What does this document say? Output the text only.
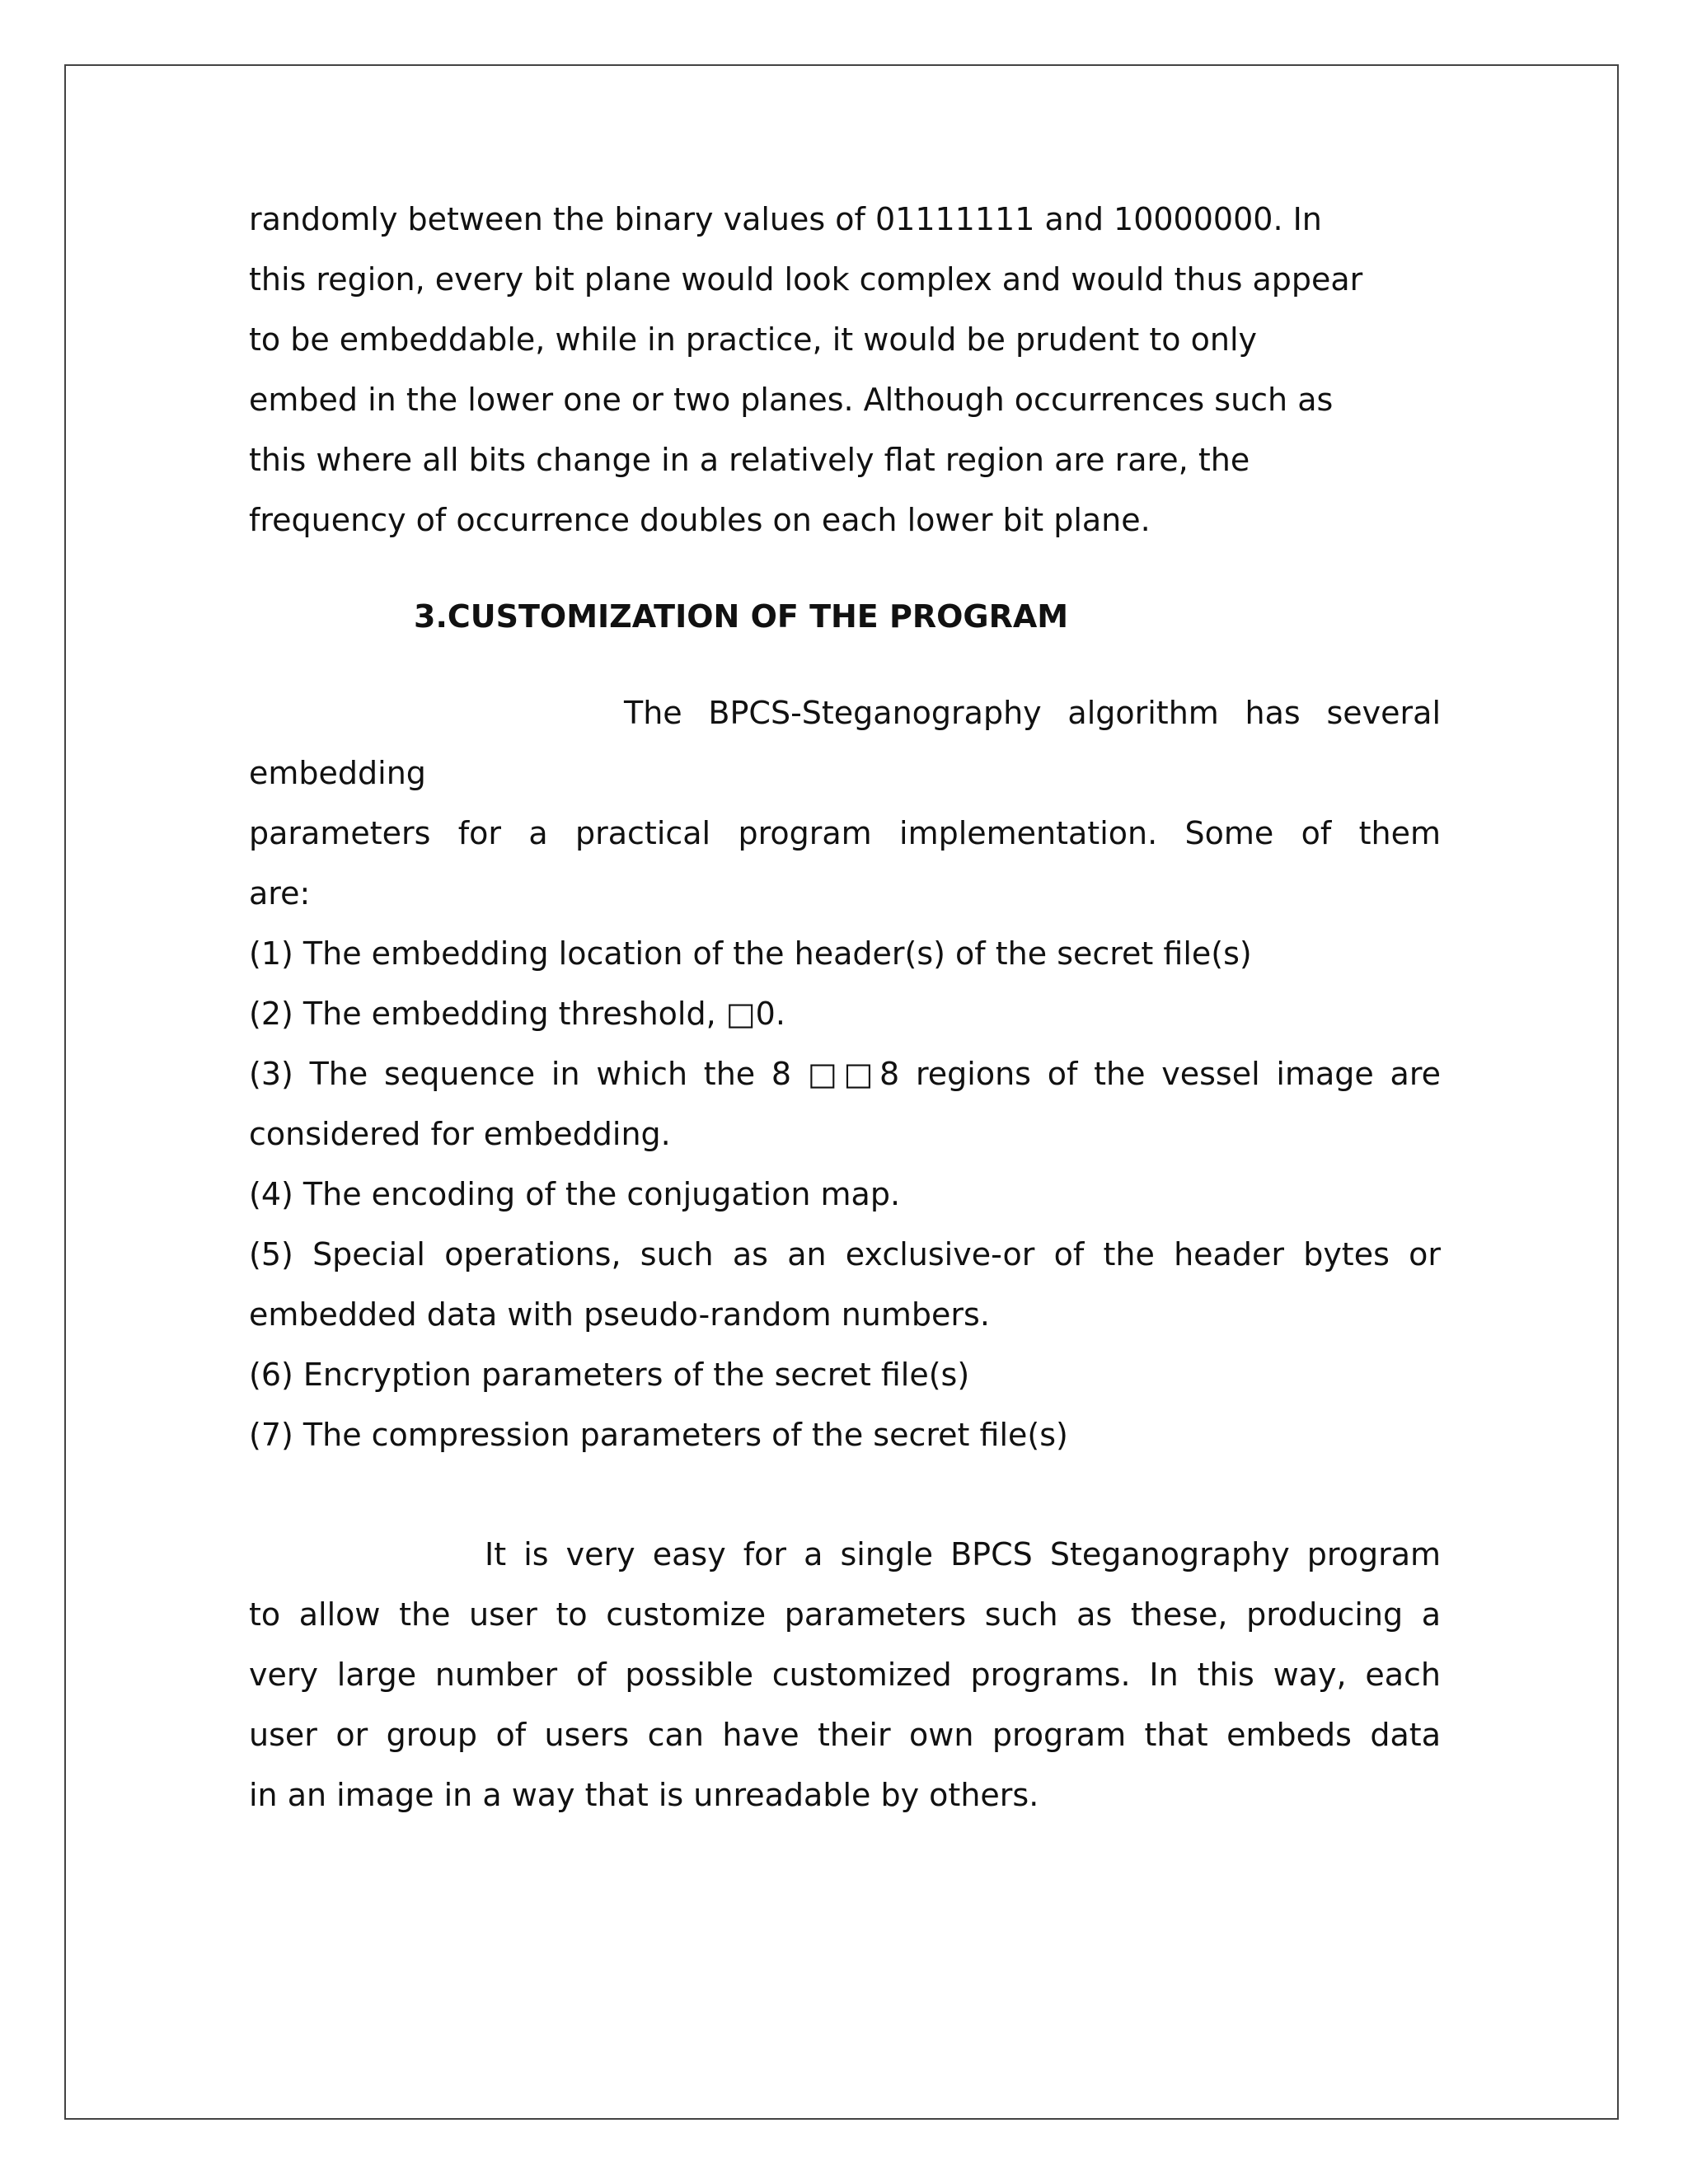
randomly between the binary values of 01111111 and 10000000. In
this region, every bit plane would look complex and would thus appear
to be embeddable, while in practice, it would be prudent to only
embed in the lower one or two planes. Although occurrences such as
this where all bits change in a relatively flat region are rare, the
frequency of occurrence doubles on each lower bit plane.
3.CUSTOMIZATION OF THE PROGRAM
The BPCS-Steganography algorithm has several
embedding
parameters for a practical program implementation. Some of them
are:
(1) The embedding location of the header(s) of the secret file(s)
(2) The embedding threshold, □0.
(3) The sequence in which the 8 □□8 regions of the vessel image are
considered for embedding.
(4) The encoding of the conjugation map.
(5) Special operations, such as an exclusive-or of the header bytes or
embedded data with pseudo-random numbers.
(6) Encryption parameters of the secret file(s)
(7) The compression parameters of the secret file(s)
It is very easy for a single BPCS Steganography program
to allow the user to customize parameters such as these, producing a
very large number of possible customized programs. In this way, each
user or group of users can have their own program that embeds data
in an image in a way that is unreadable by others.
